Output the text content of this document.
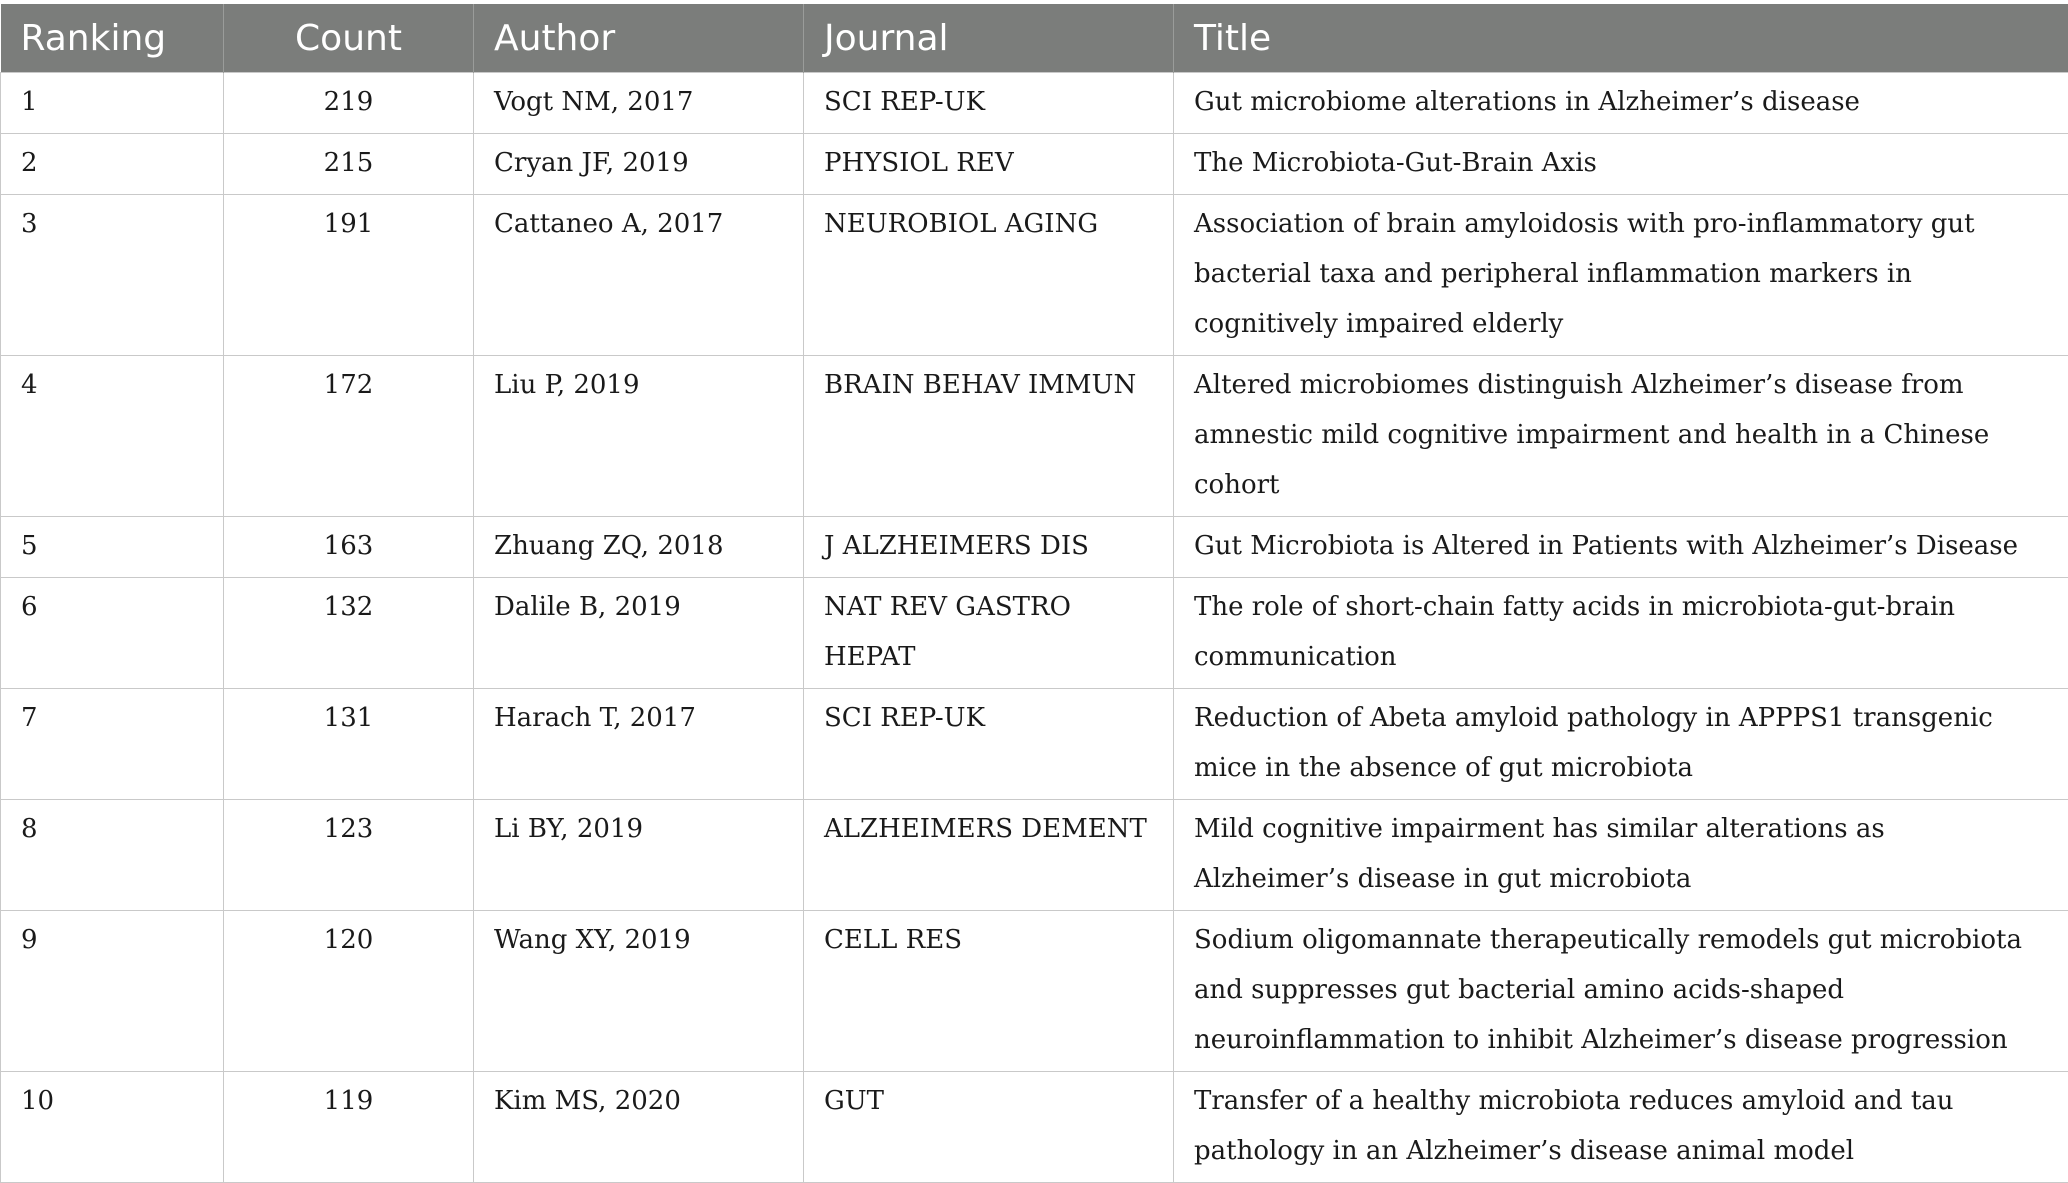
Ranking	Count	Author	Journal	Title
1	219	Vogt NM, 2017	SCI REP-UK	Gut microbiome alterations in Alzheimer’s disease
2	215	Cryan JF, 2019	PHYSIOL REV	The Microbiota-Gut-Brain Axis
3	191	Cattaneo A, 2017	NEUROBIOL AGING	Association of brain amyloidosis with pro-inflammatory gut bacterial taxa and peripheral inflammation markers in cognitively impaired elderly
4	172	Liu P, 2019	BRAIN BEHAV IMMUN	Altered microbiomes distinguish Alzheimer’s disease from amnestic mild cognitive impairment and health in a Chinese cohort
5	163	Zhuang ZQ, 2018	J ALZHEIMERS DIS	Gut Microbiota is Altered in Patients with Alzheimer’s Disease
6	132	Dalile B, 2019	NAT REV GASTRO HEPAT	The role of short-chain fatty acids in microbiota-gut-brain communication
7	131	Harach T, 2017	SCI REP-UK	Reduction of Abeta amyloid pathology in APPPS1 transgenic mice in the absence of gut microbiota
8	123	Li BY, 2019	ALZHEIMERS DEMENT	Mild cognitive impairment has similar alterations as Alzheimer’s disease in gut microbiota
9	120	Wang XY, 2019	CELL RES	Sodium oligomannate therapeutically remodels gut microbiota and suppresses gut bacterial amino acids-shaped neuroinflammation to inhibit Alzheimer’s disease progression
10	119	Kim MS, 2020	GUT	Transfer of a healthy microbiota reduces amyloid and tau pathology in an Alzheimer’s disease animal model
